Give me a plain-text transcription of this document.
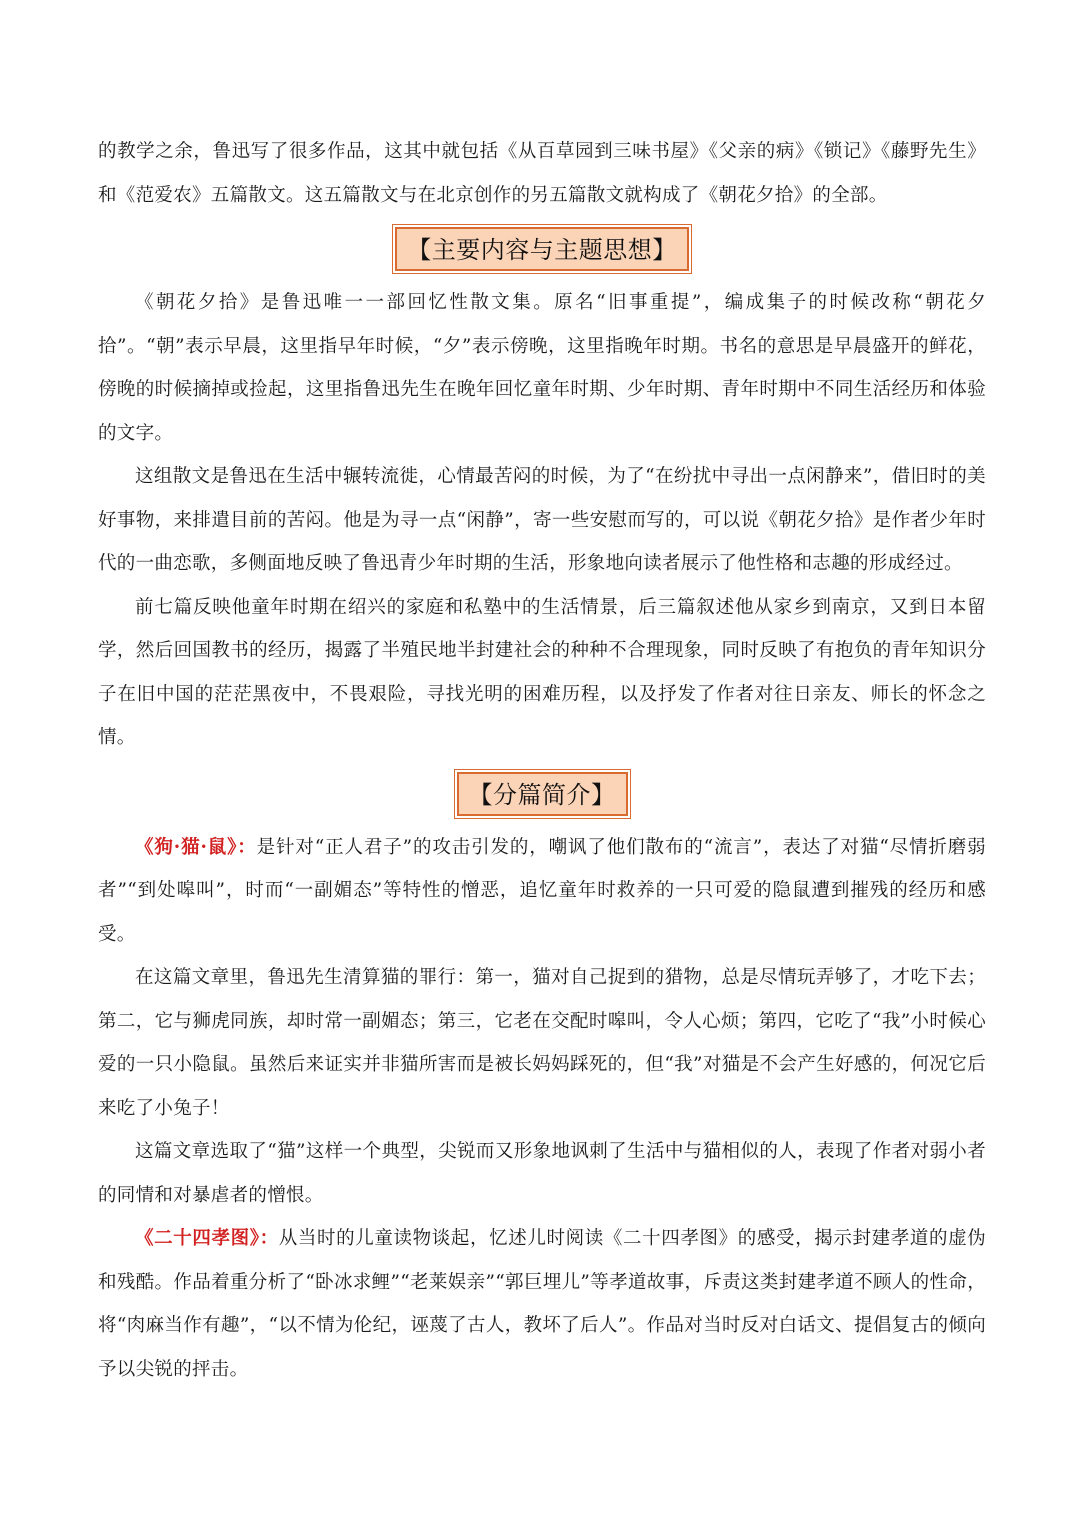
的教学之余，鲁迅写了很多作品，这其中就包括《从百草园到三味书屋》《父亲的病》《锁记》《藤野先生》和《范爱农》五篇散文。这五篇散文与在北京创作的另五篇散文就构成了《朝花夕拾》的全部。

【主要内容与主题思想】

《朝花夕拾》是鲁迅唯一一部回忆性散文集。原名“旧事重提”，编成集子的时候改称“朝花夕拾”。“朝”表示早晨，这里指早年时候，“夕”表示傍晚，这里指晚年时期。书名的意思是早晨盛开的鲜花，傍晚的时候摘掉或捡起，这里指鲁迅先生在晚年回忆童年时期、少年时期、青年时期中不同生活经历和体验的文字。

这组散文是鲁迅在生活中辗转流徙，心情最苦闷的时候，为了“在纷扰中寻出一点闲静来”，借旧时的美好事物，来排遣目前的苦闷。他是为寻一点“闲静”，寄一些安慰而写的，可以说《朝花夕拾》是作者少年时代的一曲恋歌，多侧面地反映了鲁迅青少年时期的生活，形象地向读者展示了他性格和志趣的形成经过。

前七篇反映他童年时期在绍兴的家庭和私塾中的生活情景，后三篇叙述他从家乡到南京，又到日本留学，然后回国教书的经历，揭露了半殖民地半封建社会的种种不合理现象，同时反映了有抱负的青年知识分子在旧中国的茫茫黑夜中，不畏艰险，寻找光明的困难历程，以及抒发了作者对往日亲友、师长的怀念之情。

【分篇简介】

《狗·猫·鼠》：是针对“正人君子”的攻击引发的，嘲讽了他们散布的“流言”，表达了对猫“尽情折磨弱者”“到处嗥叫”，时而“一副媚态”等特性的憎恶，追忆童年时救养的一只可爱的隐鼠遭到摧残的经历和感受。

在这篇文章里，鲁迅先生清算猫的罪行：第一，猫对自己捉到的猎物，总是尽情玩弄够了，才吃下去；第二，它与狮虎同族，却时常一副媚态；第三，它老在交配时嗥叫，令人心烦；第四，它吃了“我”小时候心爱的一只小隐鼠。虽然后来证实并非猫所害而是被长妈妈踩死的，但“我”对猫是不会产生好感的，何况它后来吃了小兔子！

这篇文章选取了“猫”这样一个典型，尖锐而又形象地讽刺了生活中与猫相似的人，表现了作者对弱小者的同情和对暴虐者的憎恨。

《二十四孝图》：从当时的儿童读物谈起，忆述儿时阅读《二十四孝图》的感受，揭示封建孝道的虚伪和残酷。作品着重分析了“卧冰求鲤”“老莱娱亲”“郭巨埋儿”等孝道故事，斥责这类封建孝道不顾人的性命，将“肉麻当作有趣”，“以不情为伦纪，诬蔑了古人，教坏了后人”。作品对当时反对白话文、提倡复古的倾向予以尖锐的抨击。
